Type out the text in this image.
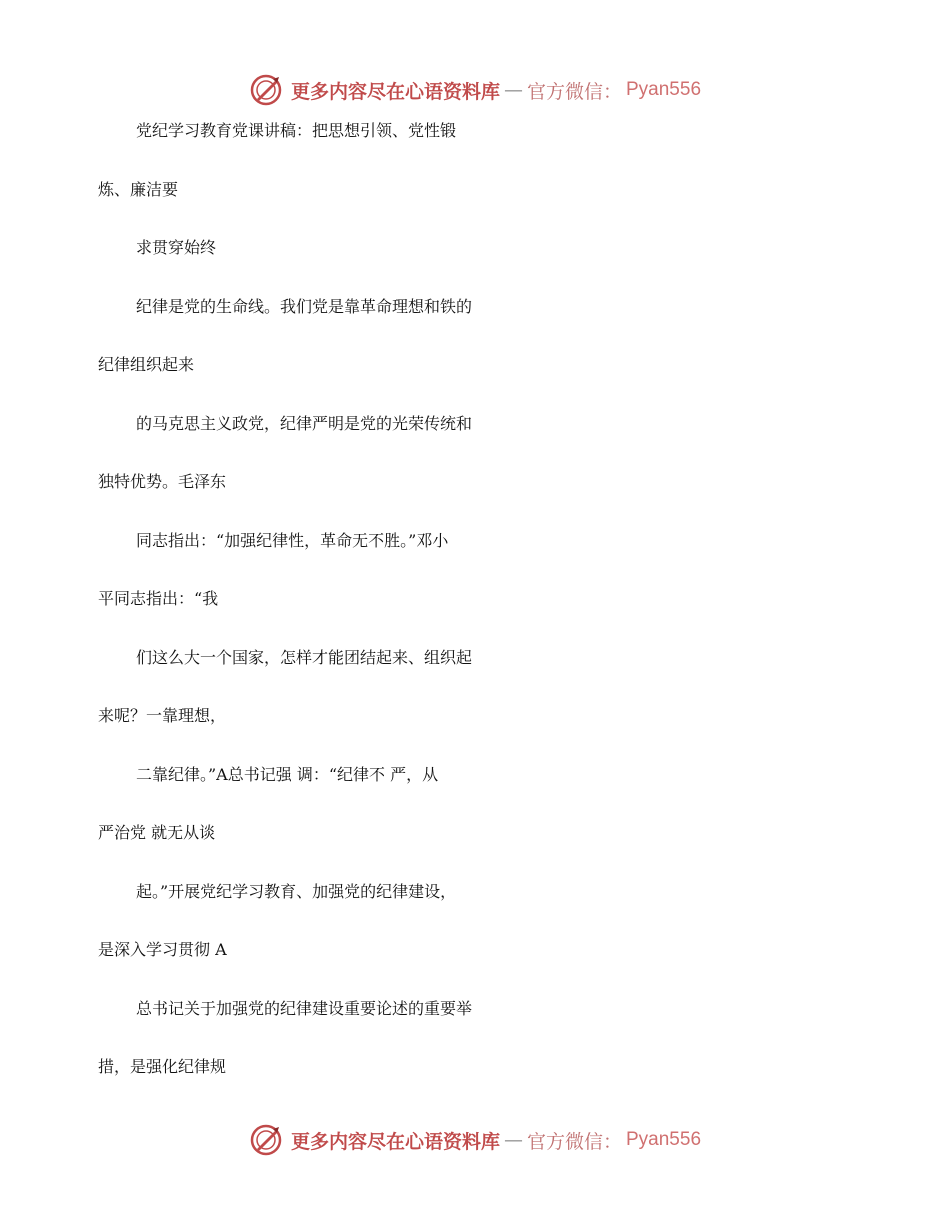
更多内容尽在心语资料库 — 官方微信： Pyan556
党纪学习教育党课讲稿：把思想引领、党性锻
炼、廉洁要
求贯穿始终
纪律是党的生命线。我们党是靠革命理想和铁的
纪律组织起来
的马克思主义政党，纪律严明是党的光荣传统和
独特优势。毛泽东
同志指出：“加强纪律性，革命无不胜。”邓小
平同志指出：“我
们这么大一个国家，怎样才能团结起来、组织起
来呢？一靠理想，
二靠纪律。”A总书记强 调：“纪律不 严，从
严治党 就无从谈
起。”开展党纪学习教育、加强党的纪律建设，
是深入学习贯彻 A
总书记关于加强党的纪律建设重要论述的重要举
措，是强化纪律规
更多内容尽在心语资料库 — 官方微信： Pyan556
